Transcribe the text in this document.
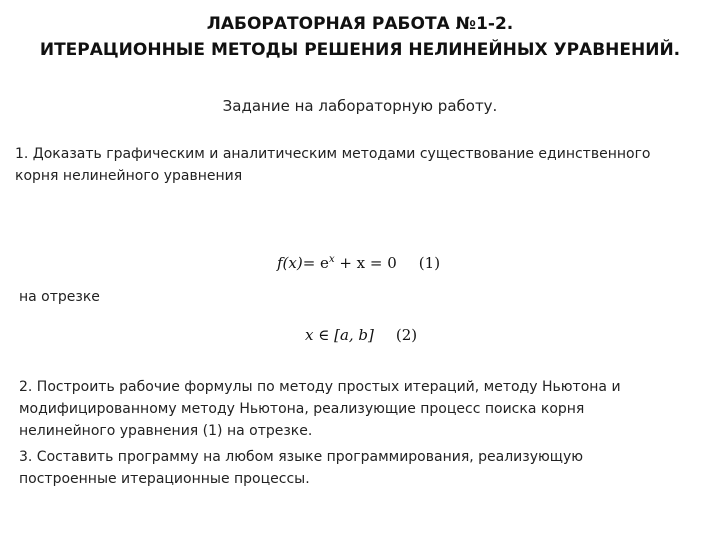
ЛАБОРАТОРНАЯ РАБОТА №1-2.
ИТЕРАЦИОННЫЕ МЕТОДЫ РЕШЕНИЯ НЕЛИНЕЙНЫХ УРАВНЕНИЙ.

Задание на лабораторную работу.

1. Доказать графическим и аналитическим методами существование единственного
корня нелинейного уравнения
$f(x)= e^x + x = 0$ (1)
на отрезке
x ∈ [a, b] (2)
2. Построить рабочие формулы по методу простых итераций, методу Ньютона и
модифицированному методу Ньютона, реализующие процесс поиска корня
нелинейного уравнения (1) на отрезке.
3. Составить программу на любом языке программирования, реализующую
построенные итерационные процессы.
